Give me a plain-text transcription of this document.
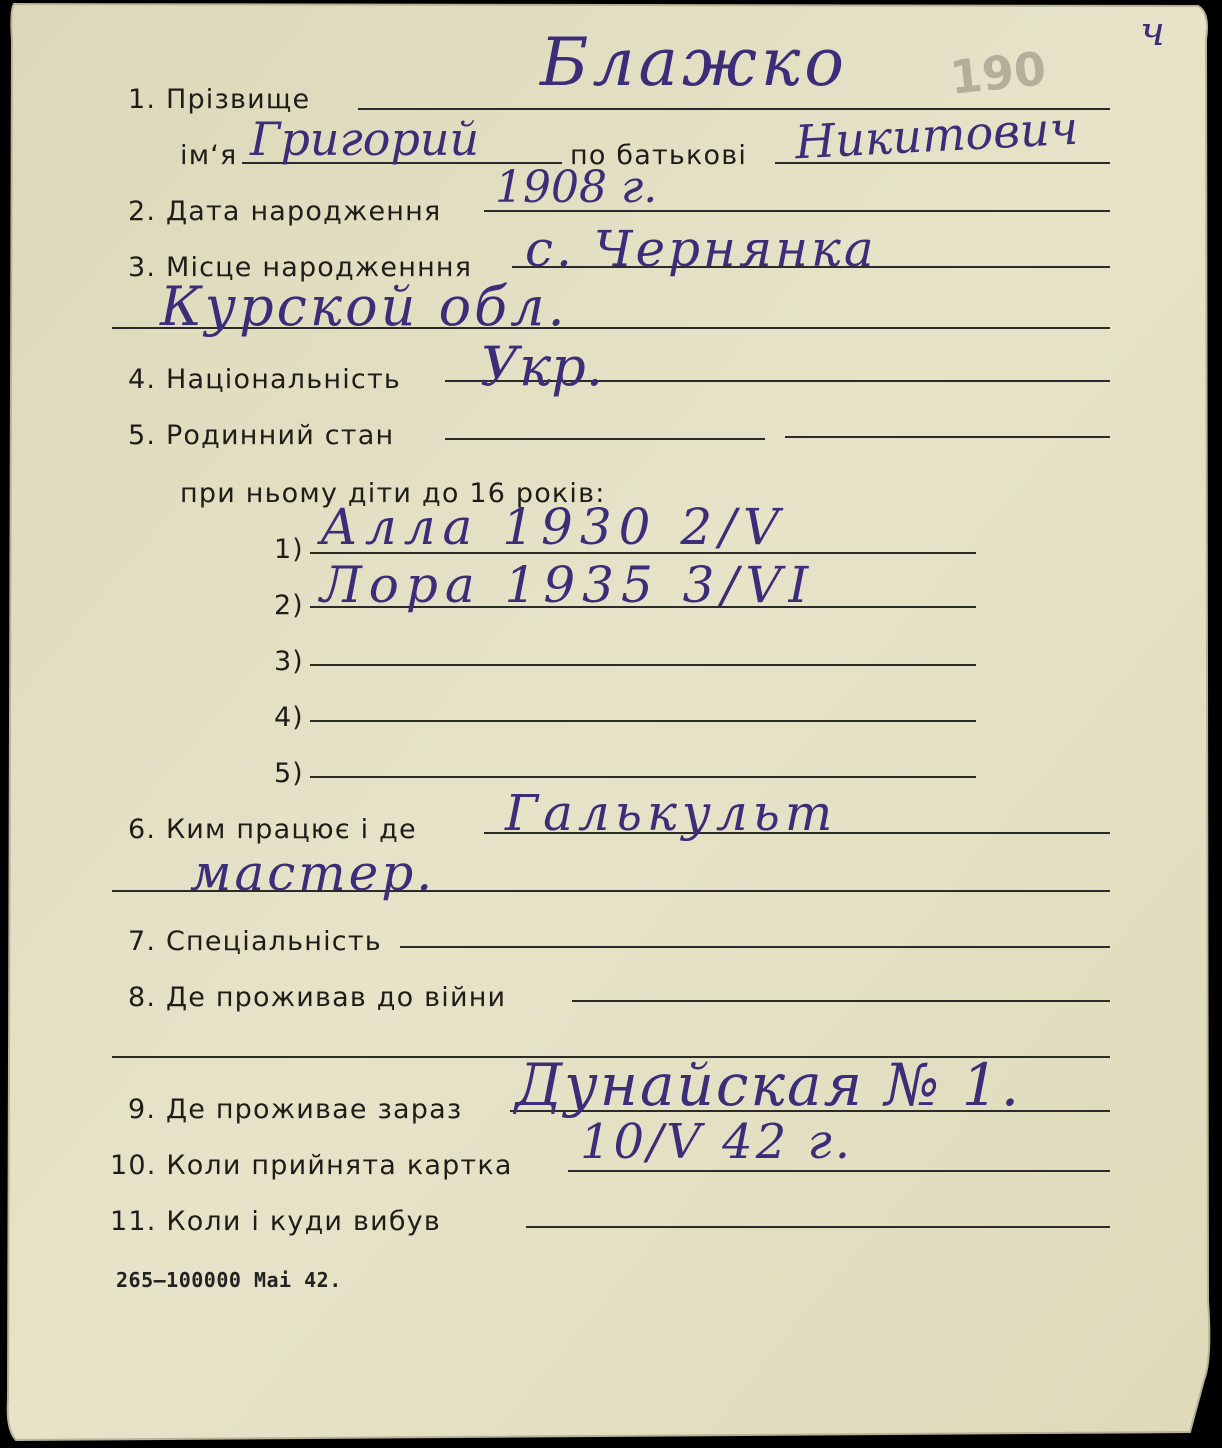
190
ч
1. Прізвище	Блажко
ім‘я Григорий	по батькові Никитович
2. Дата народження 1908 г.
3. Місце народженння с. Чернянка
Курской обл.
4. Національність Укр.
5. Родинний стан
при ньому діти до 16 років:
1) Алла 1930 2/V
2) Лора 1935 3/VI
3)
4)
5)
6. Ким працює і де Галькульт
мастер.
7. Спеціальність
8. Де проживав до війни
9. Де проживае зараз Дунайская № 1.
10. Коли прийнята картка 10/V 42 г.
11. Коли і куди вибув
265–100000 Mai 42.
